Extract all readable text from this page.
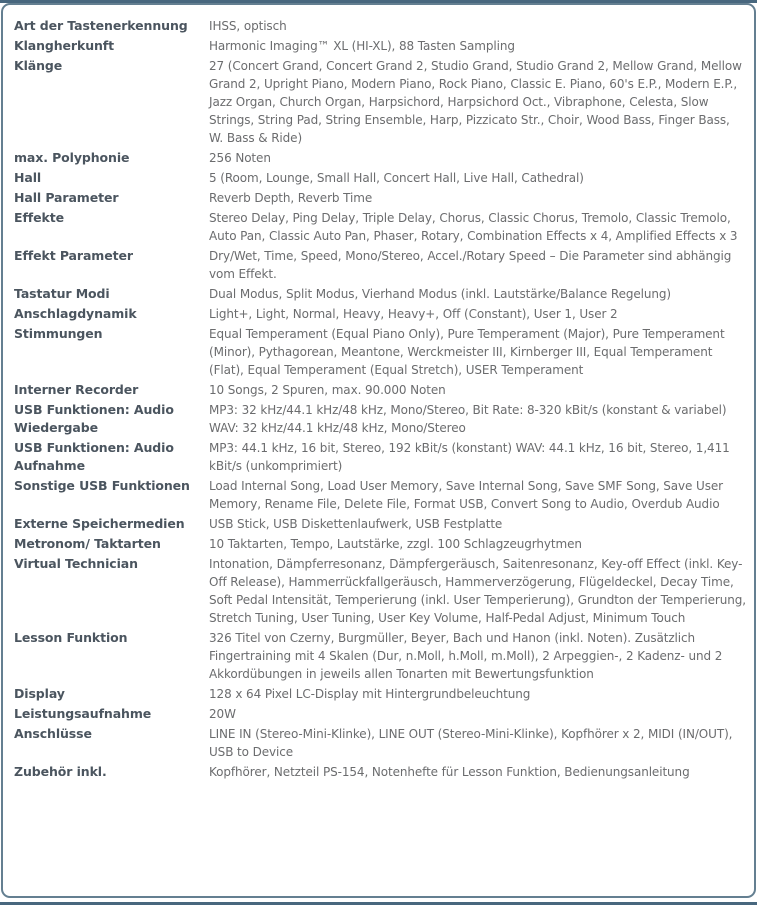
Art der Tastenerkennung	IHSS, optisch
Klangherkunft	Harmonic Imaging™ XL (HI-XL), 88 Tasten Sampling
Klänge	27 (Concert Grand, Concert Grand 2, Studio Grand, Studio Grand 2, Mellow Grand, Mellow Grand 2, Upright Piano, Modern Piano, Rock Piano, Classic E. Piano, 60's E.P., Modern E.P., Jazz Organ, Church Organ, Harpsichord, Harpsichord Oct., Vibraphone, Celesta, Slow Strings, String Pad, String Ensemble, Harp, Pizzicato Str., Choir, Wood Bass, Finger Bass, W. Bass & Ride)
max. Polyphonie	256 Noten
Hall	5 (Room, Lounge, Small Hall, Concert Hall, Live Hall, Cathedral)
Hall Parameter	Reverb Depth, Reverb Time
Effekte	Stereo Delay, Ping Delay, Triple Delay, Chorus, Classic Chorus, Tremolo, Classic Tremolo, Auto Pan, Classic Auto Pan, Phaser, Rotary, Combination Effects x 4, Amplified Effects x 3
Effekt Parameter	Dry/Wet, Time, Speed, Mono/Stereo, Accel./Rotary Speed – Die Parameter sind abhängig vom Effekt.
Tastatur Modi	Dual Modus, Split Modus, Vierhand Modus (inkl. Lautstärke/Balance Regelung)
Anschlagdynamik	Light+, Light, Normal, Heavy, Heavy+, Off (Constant), User 1, User 2
Stimmungen	Equal Temperament (Equal Piano Only), Pure Temperament (Major), Pure Temperament (Minor), Pythagorean, Meantone, Werckmeister III, Kirnberger III, Equal Temperament (Flat), Equal Temperament (Equal Stretch), USER Temperament
Interner Recorder	10 Songs, 2 Spuren, max. 90.000 Noten
USB Funktionen: Audio Wiedergabe	MP3: 32 kHz/44.1 kHz/48 kHz, Mono/Stereo, Bit Rate: 8-320 kBit/s (konstant & variabel) WAV: 32 kHz/44.1 kHz/48 kHz, Mono/Stereo
USB Funktionen: Audio Aufnahme	MP3: 44.1 kHz, 16 bit, Stereo, 192 kBit/s (konstant) WAV: 44.1 kHz, 16 bit, Stereo, 1,411 kBit/s (unkomprimiert)
Sonstige USB Funktionen	Load Internal Song, Load User Memory, Save Internal Song, Save SMF Song, Save User Memory, Rename File, Delete File, Format USB, Convert Song to Audio, Overdub Audio
Externe Speichermedien	USB Stick, USB Diskettenlaufwerk, USB Festplatte
Metronom/ Taktarten	10 Taktarten, Tempo, Lautstärke, zzgl. 100 Schlagzeugrhytmen
Virtual Technician	Intonation, Dämpferresonanz, Dämpfergeräusch, Saitenresonanz, Key-off Effect (inkl. Key-Off Release), Hammerrückfallgeräusch, Hammerverzögerung, Flügeldeckel, Decay Time, Soft Pedal Intensität, Temperierung (inkl. User Temperierung), Grundton der Temperierung, Stretch Tuning, User Tuning, User Key Volume, Half-Pedal Adjust, Minimum Touch
Lesson Funktion	326 Titel von Czerny, Burgmüller, Beyer, Bach und Hanon (inkl. Noten). Zusätzlich Fingertraining mit 4 Skalen (Dur, n.Moll, h.Moll, m.Moll), 2 Arpeggien-, 2 Kadenz- und 2 Akkordübungen in jeweils allen Tonarten mit Bewertungsfunktion
Display	128 x 64 Pixel LC-Display mit Hintergrundbeleuchtung
Leistungsaufnahme	20W
Anschlüsse	LINE IN (Stereo-Mini-Klinke), LINE OUT (Stereo-Mini-Klinke), Kopfhörer x 2, MIDI (IN/OUT), USB to Device
Zubehör inkl.	Kopfhörer, Netzteil PS-154, Notenhefte für Lesson Funktion, Bedienungsanleitung
